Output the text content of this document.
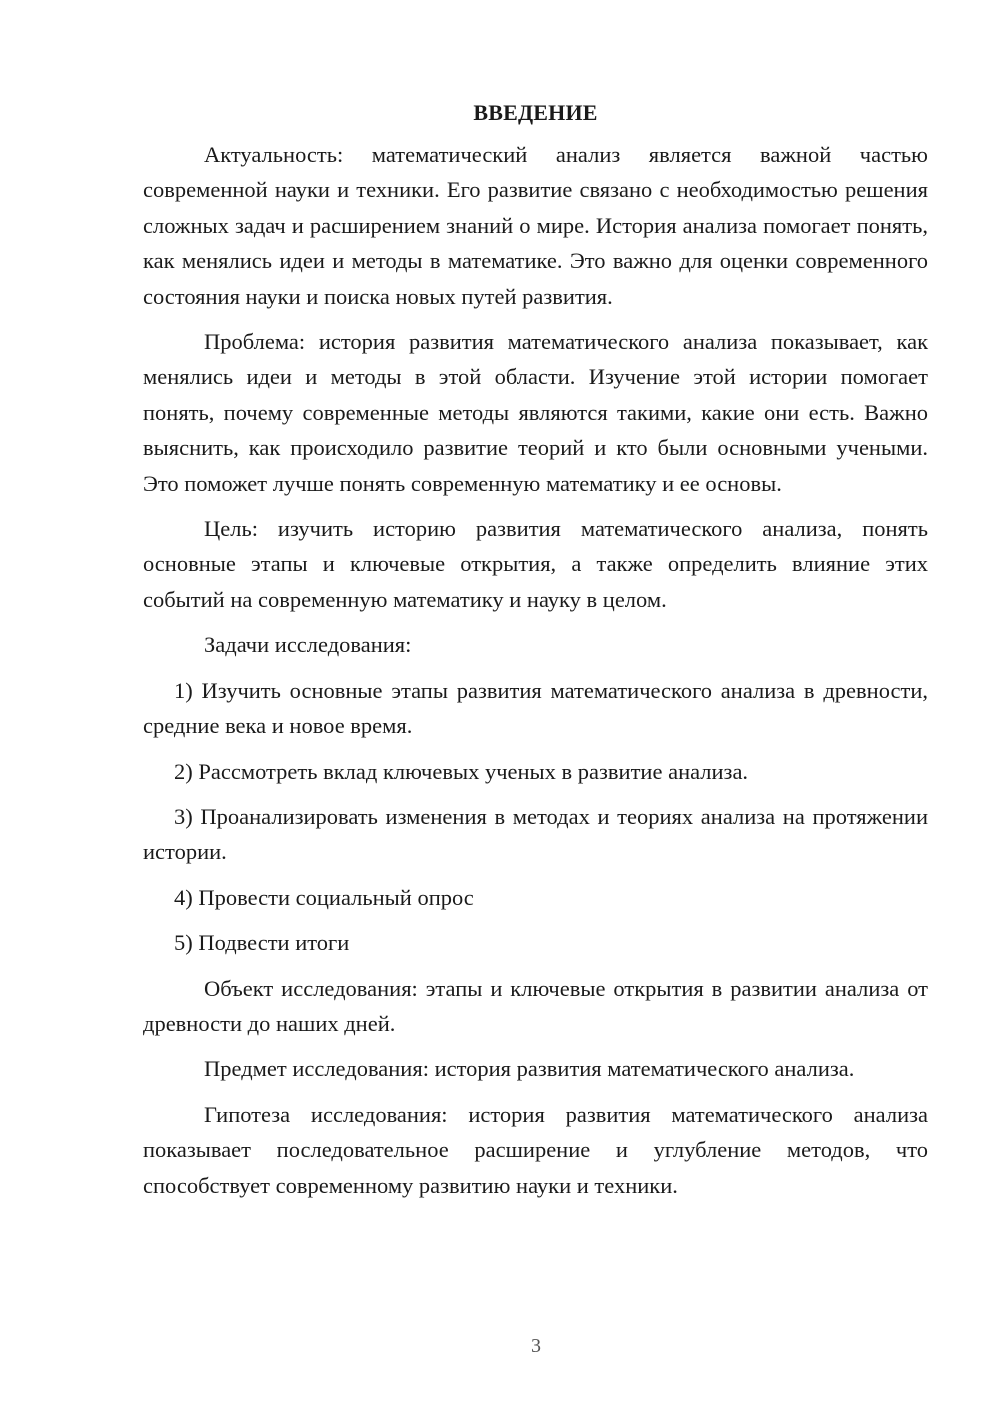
ВВЕДЕНИЕ

Актуальность: математический анализ является важной частью современной науки и техники. Его развитие связано с необходимостью решения сложных задач и расширением знаний о мире. История анализа помогает понять, как менялись идеи и методы в математике. Это важно для оценки современного состояния науки и поиска новых путей развития.

Проблема: история развития математического анализа показывает, как менялись идеи и методы в этой области. Изучение этой истории помогает понять, почему современные методы являются такими, какие они есть. Важно выяснить, как происходило развитие теорий и кто были основными учеными. Это поможет лучше понять современную математику и ее основы.

Цель: изучить историю развития математического анализа, понять основные этапы и ключевые открытия, а также определить влияние этих событий на современную математику и науку в целом.

Задачи исследования:

1) Изучить основные этапы развития математического анализа в древности, средние века и новое время.

2) Рассмотреть вклад ключевых ученых в развитие анализа.

3) Проанализировать изменения в методах и теориях анализа на протяжении истории.

4) Провести социальный опрос

5) Подвести итоги

Объект исследования: этапы и ключевые открытия в развитии анализа от древности до наших дней.

Предмет исследования: история развития математического анализа.

Гипотеза исследования: история развития математического анализа показывает последовательное расширение и углубление методов, что способствует современному развитию науки и техники.

3
